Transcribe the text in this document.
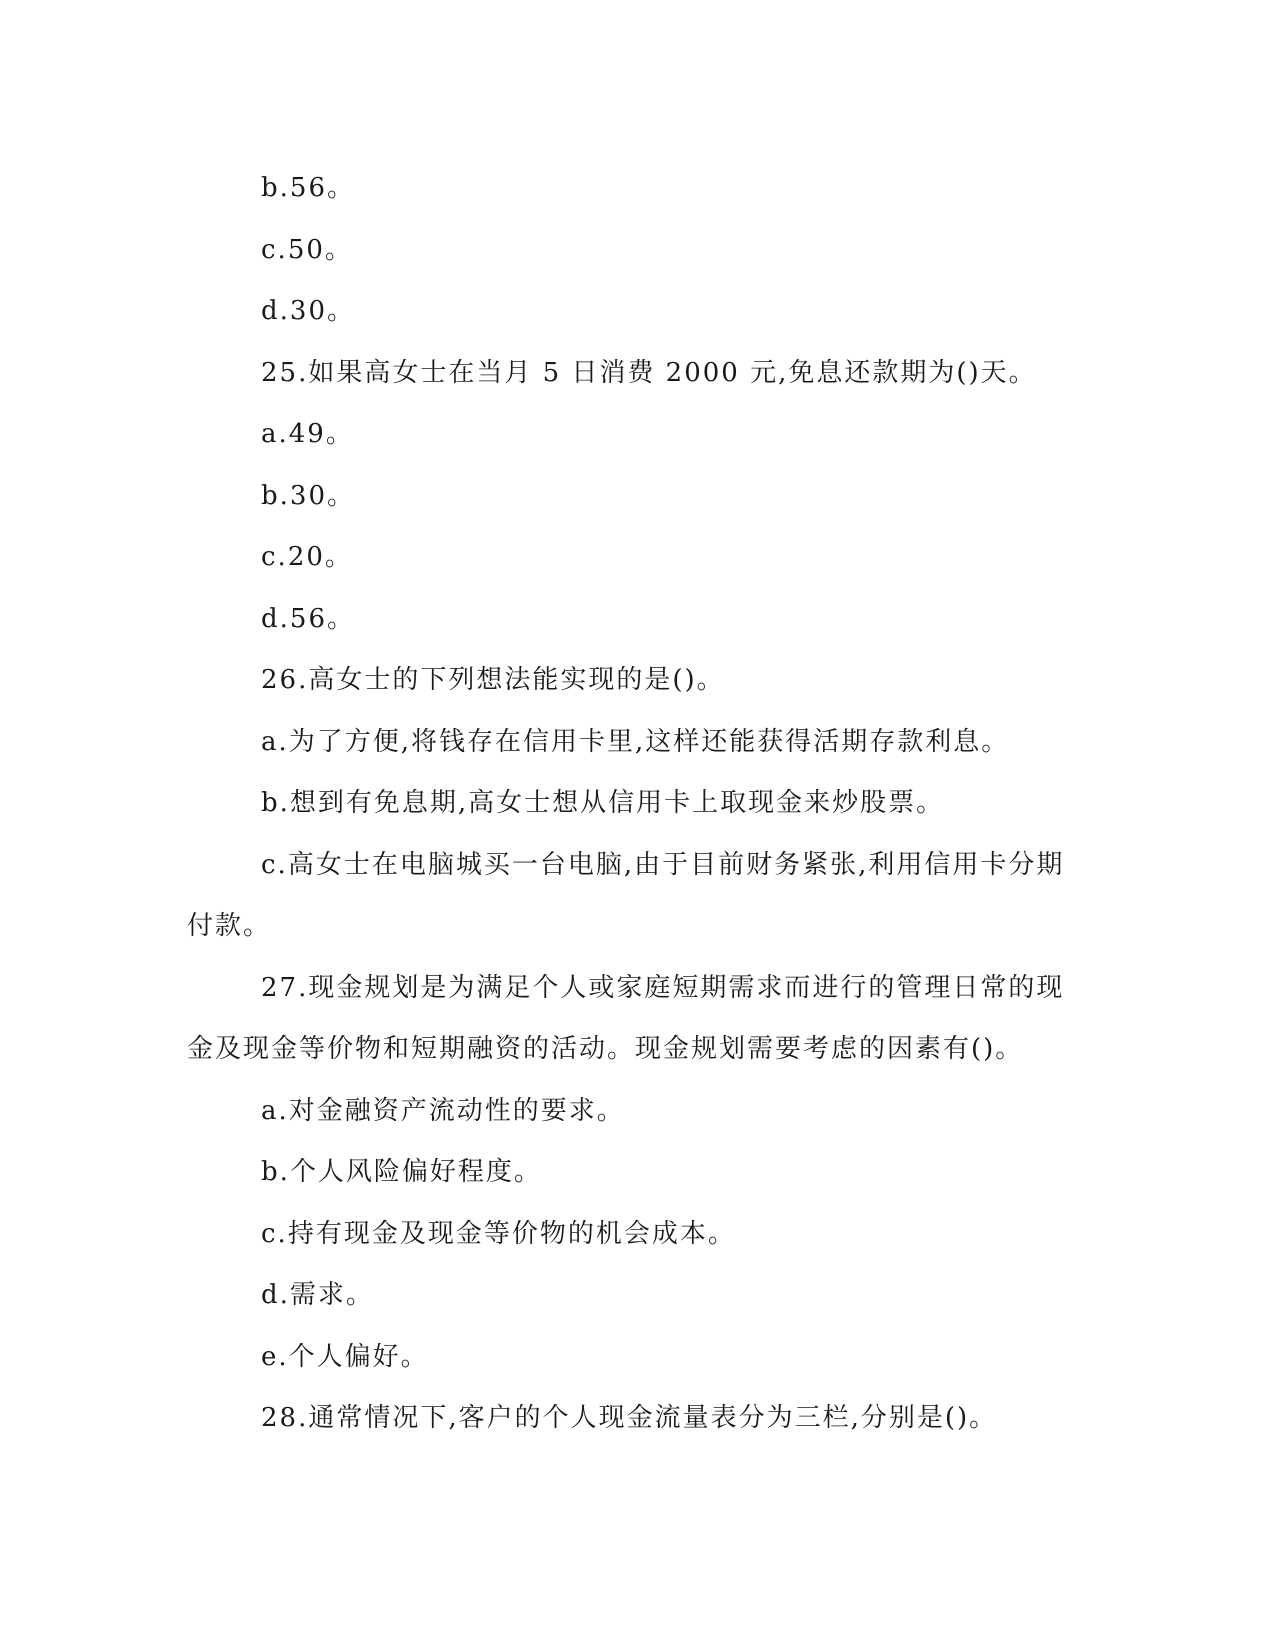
b.56。

c.50。

d.30。

25.如果高女士在当月 5 日消费 2000 元,免息还款期为()天。

a.49。

b.30。

c.20。

d.56。

26.高女士的下列想法能实现的是()。

a.为了方便,将钱存在信用卡里,这样还能获得活期存款利息。

b.想到有免息期,高女士想从信用卡上取现金来炒股票。

c.高女士在电脑城买一台电脑,由于目前财务紧张,利用信用卡分期

付款。

27.现金规划是为满足个人或家庭短期需求而进行的管理日常的现

金及现金等价物和短期融资的活动。现金规划需要考虑的因素有()。

a.对金融资产流动性的要求。

b.个人风险偏好程度。

c.持有现金及现金等价物的机会成本。

d.需求。

e.个人偏好。

28.通常情况下,客户的个人现金流量表分为三栏,分别是()。
